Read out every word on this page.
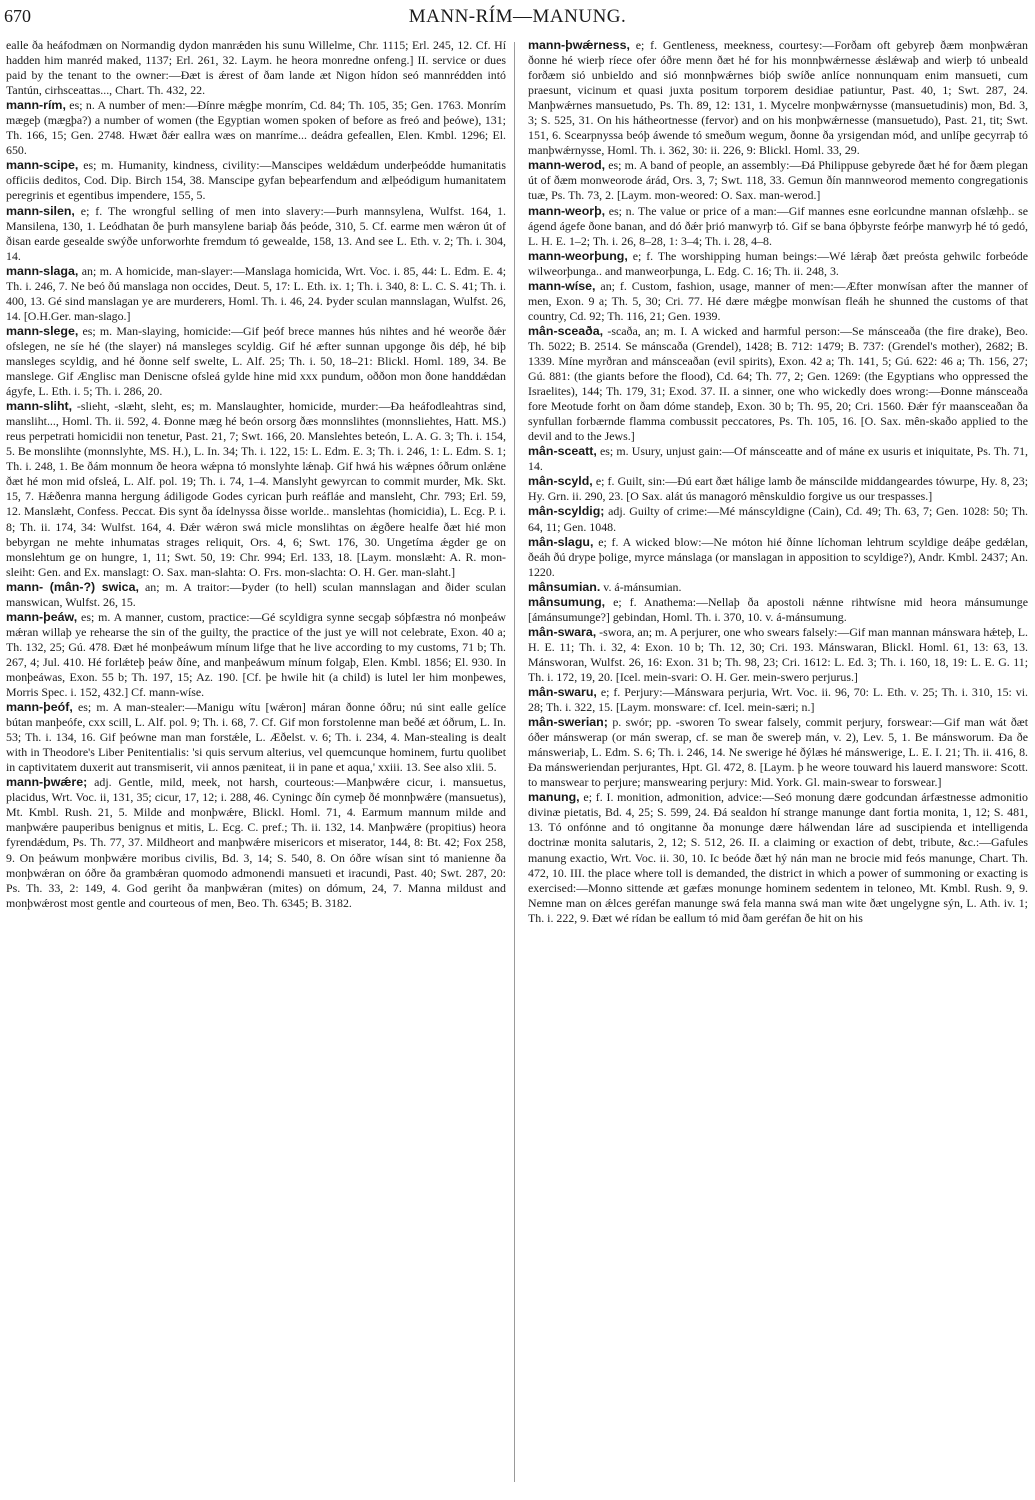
670	MANN-RÍM—MANUNG.

ealle ða heáfodmæn on Normandig dydon manrǽden his sunu Willelme, Chr. 1115; Erl. 245, 12. Cf. Hí hadden him manréd maked, 1137; Erl. 261, 32. Laym. he heora monredne onfeng.] II. service or dues paid by the tenant to the owner:—Ðæt is ǽrest of ðam lande æt Nigon hídon seó mannrédden intó Tantún, cirhsceattas..., Chart. Th. 432, 22.

mann-rím, es; n. A number of men:—Ðínre mǽgþe monrím, Cd. 84; Th. 105, 35; Gen. 1763. Monrím mægeþ (mægþa?) a number of women (the Egyptian women spoken of before as freó and þeówe), 131; Th. 166, 15; Gen. 2748. Hwæt ðǽr eallra wæs on manríme... deádra gefeallen, Elen. Kmbl. 1296; El. 650.

mann-scipe, es; m. Humanity, kindness, civility:—Manscipes weldǽdum underþeódde humanitatis officiis deditos, Cod. Dip. Birch 154, 38. Manscipe gyfan beþearfendum and ælþeódigum humanitatem peregrinis et egentibus impendere, 155, 5.

mann-silen, e; f. The wrongful selling of men into slavery:—Þurh mannsylena, Wulfst. 164, 1. Mansilena, 130, 1. Leódhatan ðe þurh mansylene bariaþ ðás þeóde, 310, 5. Cf. earme men wǽron út of ðisan earde gesealde swýðe unforworhte fremdum tó gewealde, 158, 13. And see L. Eth. v. 2; Th. i. 304, 14.

mann-slaga, an; m. A homicide, man-slayer:—Manslaga homicida, Wrt. Voc. i. 85, 44: L. Edm. E. 4; Th. i. 246, 7. Ne beó ðú manslaga non occides, Deut. 5, 17: L. Eth. ix. 1; Th. i. 340, 8: L. C. S. 41; Th. i. 400, 13. Gé sind manslagan ye are murderers, Homl. Th. i. 46, 24. Þyder sculan mannslagan, Wulfst. 26, 14. [O.H.Ger. man-slago.]

mann-slege, es; m. Man-slaying, homicide:—Gif þeóf brece mannes hús nihtes and hé weorðe ðǽr ofslegen, ne síe hé (the slayer) ná mansleges scyldig. Gif hé æfter sunnan upgonge ðis déþ, hé biþ mansleges scyldig, and hé ðonne self swelte, L. Alf. 25; Th. i. 50, 18–21: Blickl. Homl. 189, 34. Be manslege. Gif Ænglisc man Deniscne ofsleá gylde hine mid xxx pundum, oððon mon ðone handdǽdan ágyfe, L. Eth. i. 5; Th. i. 286, 20.

mann-sliht, -slieht, -slæht, sleht, es; m. Manslaughter, homicide, murder:—Ða heáfodleahtras sind, mansliht..., Homl. Th. ii. 592, 4. Ðonne mæg hé beón orsorg ðæs monnslihtes (monnsliehtes, Hatt. MS.) reus perpetrati homicidii non tenetur, Past. 21, 7; Swt. 166, 20. Manslehtes beteón, L. A. G. 3; Th. i. 154, 5. Be monslihte (monnslyhte, MS. H.), L. In. 34; Th. i. 122, 15: L. Edm. E. 3; Th. i. 246, 1: L. Edm. S. 1; Th. i. 248, 1. Be ðám monnum ðe heora wǽpna tó monslyhte lǽnaþ. Gif hwá his wǽpnes óðrum onlǽne ðæt hé mon mid ofsleá, L. Alf. pol. 19; Th. i. 74, 1–4. Manslyht gewyrcan to commit murder, Mk. Skt. 15, 7. Hǽðenra manna hergung ádiligode Godes cyrican þurh reáfláe and mansleht, Chr. 793; Erl. 59, 12. Manslæht, Confess. Peccat. Ðis synt ða ídelnyssa ðisse worlde.. manslehtas (homicidia), L. Ecg. P. i. 8; Th. ii. 174, 34: Wulfst. 164, 4. Ðǽr wǽron swá micle monslihtas on ǽgðere healfe ðæt hié mon bebyrgan ne mehte inhumatas strages reliquit, Ors. 4, 6; Swt. 176, 30. Ungetíma ǽgder ge on monslehtum ge on hungre, 1, 11; Swt. 50, 19: Chr. 994; Erl. 133, 18. [Laym. monslæht: A. R. mon-sleiht: Gen. and Ex. manslagt: O. Sax. man-slahta: O. Frs. mon-slachta: O. H. Ger. man-slaht.]

mann- (mân-?) swica, an; m. A traitor:—Þyder (to hell) sculan mannslagan and ðider sculan manswican, Wulfst. 26, 15.

mann-þeáw, es; m. A manner, custom, practice:—Gé scyldigra synne secgaþ sóþfæstra nó monþeáw mǽran willaþ ye rehearse the sin of the guilty, the practice of the just ye will not celebrate, Exon. 40 a; Th. 132, 25; Gú. 478. Ðæt hé monþeáwum mínum lifge that he live according to my customs, 71 b; Th. 267, 4; Jul. 410. Hé forlǽteþ þeáw ðíne, and manþeáwum mínum folgaþ, Elen. Kmbl. 1856; El. 930. In monþeáwas, Exon. 55 b; Th. 197, 15; Az. 190. [Cf. þe hwile hit (a child) is lutel ler him monþewes, Morris Spec. i. 152, 432.] Cf. mann-wíse.

mann-þeóf, es; m. A man-stealer:—Manigu wítu [wǽron] máran ðonne óðru; nú sint ealle gelíce bútan manþeófe, cxx scill, L. Alf. pol. 9; Th. i. 68, 7. Cf. Gif mon forstolenne man beðé æt óðrum, L. In. 53; Th. i. 134, 16. Gif þeówne man man forstǽle, L. Æðelst. v. 6; Th. i. 234, 4. Man-stealing is dealt with in Theodore's Liber Penitentialis: 'si quis servum alterius, vel quemcunque hominem, furtu quolibet in captivitatem duxerit aut transmiserit, vii annos pæniteat, ii in pane et aqua,' xxiii. 13. See also xlii. 5.

mann-þwǽre; adj. Gentle, mild, meek, not harsh, courteous:—Manþwǽre cicur, i. mansuetus, placidus, Wrt. Voc. ii, 131, 35; cicur, 17, 12; i. 288, 46. Cyningc ðín cymeþ ðé monnþwǽre (mansuetus), Mt. Kmbl. Rush. 21, 5. Milde and monþwǽre, Blickl. Homl. 71, 4. Earmum mannum milde and manþwǽre pauperibus benignus et mitis, L. Ecg. C. pref.; Th. ii. 132, 14. Manþwǽre (propitius) heora fyrendǽdum, Ps. Th. 77, 37. Mildheort and manþwǽre misericors et miserator, 144, 8: Bt. 42; Fox 258, 9. On þeáwum monþwǽre moribus civilis, Bd. 3, 14; S. 540, 8. On óðre wísan sint tó manienne ða monþwǽran on óðre ða grambǽran quomodo admonendi mansueti et iracundi, Past. 40; Swt. 287, 20: Ps. Th. 33, 2: 149, 4. God geriht ða manþwǽran (mites) on dómum, 24, 7. Manna mildust and monþwǽrost most gentle and courteous of men, Beo. Th. 6345; B. 3182.

mann-þwǽrness, e; f. Gentleness, meekness, courtesy:—Forðam oft gebyreþ ðæm monþwǽran ðonne hé wierþ ríece ofer óðre menn ðæt hé for his monnþwǽrnesse ǽslǽwaþ and wierþ tó unbeald forðæm sió unbieldo and sió monnþwǽrnes bióþ swíðe anlíce nonnunquam enim mansueti, cum praesunt, vicinum et quasi juxta positum torporem desidiae patiuntur, Past. 40, 1; Swt. 287, 24. Manþwǽrnes mansuetudo, Ps. Th. 89, 12: 131, 1. Mycelre monþwǽrnysse (mansuetudinis) mon, Bd. 3, 3; S. 525, 31. On his hátheortnesse (fervor) and on his monþwǽrnesse (mansuetudo), Past. 21, tit; Swt. 151, 6. Scearpnyssa beóþ áwende tó smeðum wegum, ðonne ða yrsigendan mód, and unlíþe gecyrraþ tó manþwǽrnysse, Homl. Th. i. 362, 30: ii. 226, 9: Blickl. Homl. 33, 29.

mann-werod, es; m. A band of people, an assembly:—Ðá Philippuse gebyrede ðæt hé for ðæm plegan út of ðæm monweorode árád, Ors. 3, 7; Swt. 118, 33. Gemun ðín mannweorod memento congregationis tuæ, Ps. Th. 73, 2. [Laym. mon-weored: O. Sax. man-werod.]

mann-weorþ, es; n. The value or price of a man:—Gif mannes esne eorlcundne mannan ofslæhþ.. se ágend ágefe ðone banan, and dó ðǽr þrió manwyrþ tó. Gif se bana óþbyrste feórþe manwyrþ hé tó gedó, L. H. E. 1–2; Th. i. 26, 8–28, 1: 3–4; Th. i. 28, 4–8.

mann-weorþung, e; f. The worshipping human beings:—Wé lǽraþ ðæt preósta gehwilc forbeóde wilweorþunga.. and manweorþunga, L. Edg. C. 16; Th. ii. 248, 3.

mann-wíse, an; f. Custom, fashion, usage, manner of men:—Æfter monwísan after the manner of men, Exon. 9 a; Th. 5, 30; Cri. 77. Hé dære mǽgþe monwísan fleáh he shunned the customs of that country, Cd. 92; Th. 116, 21; Gen. 1939.

mân-sceaða, -scaða, an; m. I. A wicked and harmful person:—Se mánsceaða (the fire drake), Beo. Th. 5022; B. 2514. Se mánscaða (Grendel), 1428; B. 712: 1479; B. 737: (Grendel's mother), 2682; B. 1339. Míne myrðran and mánsceaðan (evil spirits), Exon. 42 a; Th. 141, 5; Gú. 622: 46 a; Th. 156, 27; Gú. 881: (the giants before the flood), Cd. 64; Th. 77, 2; Gen. 1269: (the Egyptians who oppressed the Israelites), 144; Th. 179, 31; Exod. 37. II. a sinner, one who wickedly does wrong:—Ðonne mánsceaða fore Meotude forht on ðam dóme standeþ, Exon. 30 b; Th. 95, 20; Cri. 1560. Ðǽr fýr maansceaðan ða synfullan forbærnde flamma combussit peccatores, Ps. Th. 105, 16. [O. Sax. mên-skaðo applied to the devil and to the Jews.]

mân-sceatt, es; m. Usury, unjust gain:—Of mánsceatte and of máne ex usuris et iniquitate, Ps. Th. 71, 14.

mân-scyld, e; f. Guilt, sin:—Ðú eart ðæt hálige lamb ðe mánscilde middangeardes tówurpe, Hy. 8, 23; Hy. Grn. ii. 290, 23. [O Sax. alát ús managoró mênskuldio forgive us our trespasses.]

mân-scyldig; adj. Guilty of crime:—Mé mánscyldigne (Cain), Cd. 49; Th. 63, 7; Gen. 1028: 50; Th. 64, 11; Gen. 1048.

mân-slagu, e; f. A wicked blow:—Ne móton hié ðínne líchoman lehtrum scyldige deáþe gedǽlan, ðeáh ðú drype þolige, myrce mánslaga (or manslagan in apposition to scyldige?), Andr. Kmbl. 2437; An. 1220.

mânsumian. v. á-mánsumian.

mânsumung, e; f. Anathema:—Nellaþ ða apostoli nǽnne rihtwísne mid heora mánsumunge [ámánsumunge?] gebindan, Homl. Th. i. 370, 10. v. á-mánsumung.

mân-swara, -swora, an; m. A perjurer, one who swears falsely:—Gif man mannan mánswara hǽteþ, L. H. E. 11; Th. i. 32, 4: Exon. 10 b; Th. 12, 30; Cri. 193. Mánswaran, Blickl. Homl. 61, 13: 63, 13. Mánsworan, Wulfst. 26, 16: Exon. 31 b; Th. 98, 23; Cri. 1612: L. Ed. 3; Th. i. 160, 18, 19: L. E. G. 11; Th. i. 172, 19, 20. [Icel. mein-svari: O. H. Ger. mein-swero perjurus.]

mân-swaru, e; f. Perjury:—Mánswara perjuria, Wrt. Voc. ii. 96, 70: L. Eth. v. 25; Th. i. 310, 15: vi. 28; Th. i. 322, 15. [Laym. monsware: cf. Icel. mein-særi; n.]

mân-swerian; p. swór; pp. -sworen To swear falsely, commit perjury, forswear:—Gif man wát ðæt óðer mánswerap (or mán swerap, cf. se man ðe swereþ mán, v. 2), Lev. 5, 1. Be mánsworum. Ða ðe mánsweriaþ, L. Edm. S. 6; Th. i. 246, 14. Ne swerige hé ðýlæs hé mánswerige, L. E. I. 21; Th. ii. 416, 8. Ða mánsweriendan perjurantes, Hpt. Gl. 472, 8. [Laym. þ he weore touward his lauerd manswore: Scott. to manswear to perjure; manswearing perjury: Mid. York. Gl. main-swear to forswear.]

manung, e; f. I. monition, admonition, advice:—Seó monung dære godcundan árfæstnesse admonitio divinæ pietatis, Bd. 4, 25; S. 599, 24. Ðá sealdon hí strange manunge dant fortia monita, 1, 12; S. 481, 13. Tó onfónne and tó ongitanne ða monunge dære hálwendan láre ad suscipienda et intelligenda doctrinæ monita salutaris, 2, 12; S. 512, 26. II. a claiming or exaction of debt, tribute, &c.:—Gafules manung exactio, Wrt. Voc. ii. 30, 10. Ic beóde ðæt hý nán man ne brocie mid feós manunge, Chart. Th. 472, 10. III. the place where toll is demanded, the district in which a power of summoning or exacting is exercised:—Monno sittende æt gæfæs monunge hominem sedentem in teloneo, Mt. Kmbl. Rush. 9, 9. Nemne man on ǽlces geréfan manunge swá fela manna swá man wite ðæt ungelygne sýn, L. Ath. iv. 1; Th. i. 222, 9. Ðæt wé rídan be eallum tó mid ðam geréfan ðe hit on his
